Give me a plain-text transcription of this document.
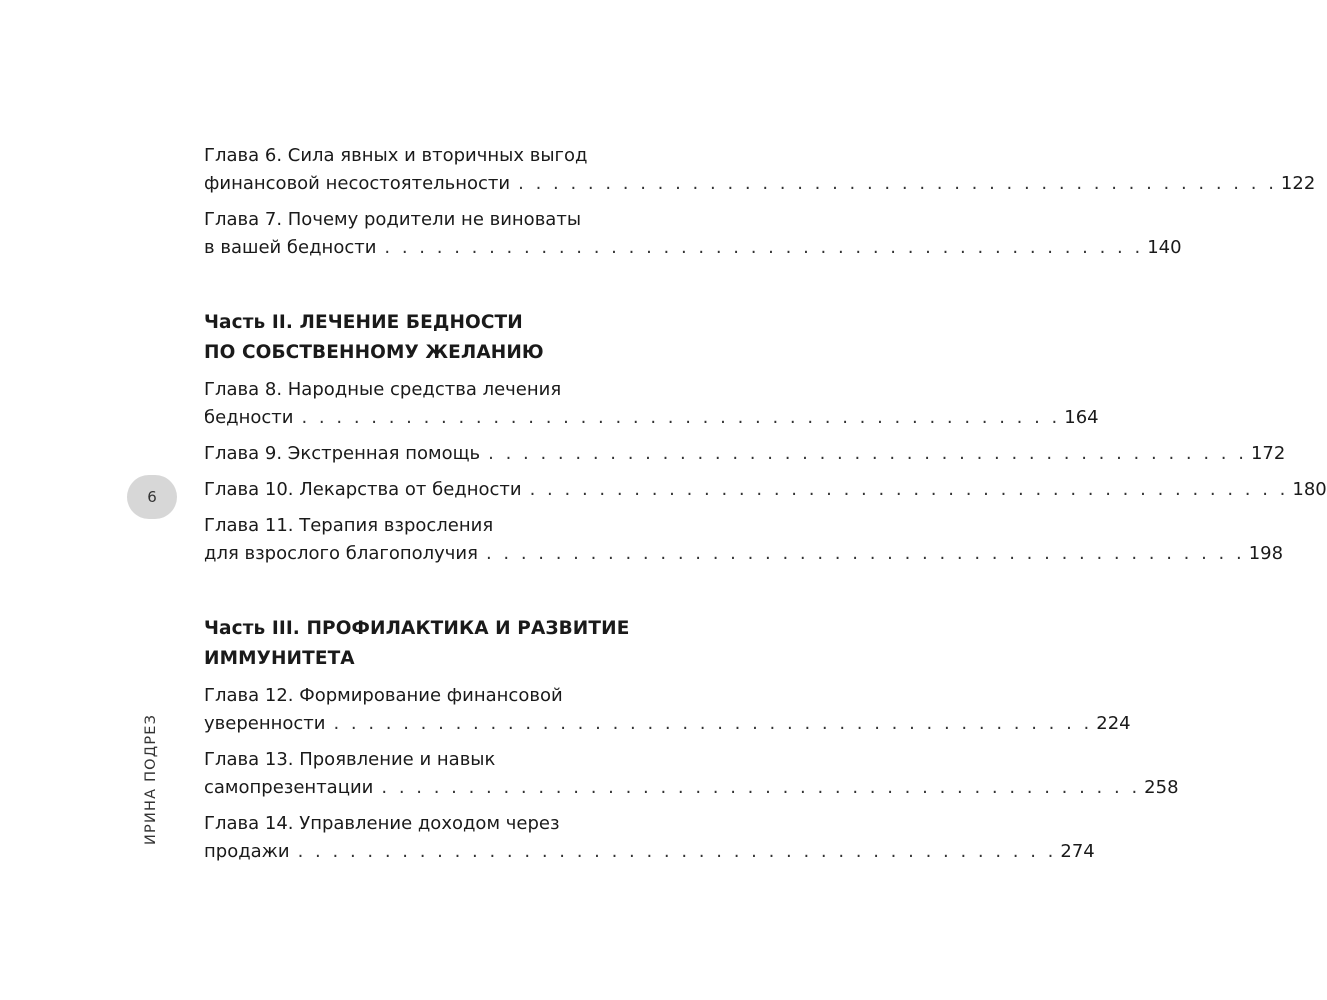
Глава 6. Сила явных и вторичных выгод
финансовой несостоятельности . . . . . . . . . . . . . . . . . . . . . . . . . . . . . . . . . . . . . . . . . . . . 122
Глава 7. Почему родители не виноваты
в вашей бедности . . . . . . . . . . . . . . . . . . . . . . . . . . . . . . . . . . . . . . . . . . . . 140
Часть II. ЛЕЧЕНИЕ БЕДНОСТИ
ПО СОБСТВЕННОМУ ЖЕЛАНИЮ
Глава 8. Народные средства лечения
бедности . . . . . . . . . . . . . . . . . . . . . . . . . . . . . . . . . . . . . . . . . . . . 164
Глава 9. Экстренная помощь . . . . . . . . . . . . . . . . . . . . . . . . . . . . . . . . . . . . . . . . . . . . 172
Глава 10. Лекарства от бедности . . . . . . . . . . . . . . . . . . . . . . . . . . . . . . . . . . . . . . . . . . . . 180
Глава 11. Терапия взросления
для взрослого благополучия . . . . . . . . . . . . . . . . . . . . . . . . . . . . . . . . . . . . . . . . . . . . 198
Часть III. ПРОФИЛАКТИКА И РАЗВИТИЕ
ИММУНИТЕТА
Глава 12. Формирование финансовой
уверенности . . . . . . . . . . . . . . . . . . . . . . . . . . . . . . . . . . . . . . . . . . . . 224
Глава 13. Проявление и навык
самопрезентации . . . . . . . . . . . . . . . . . . . . . . . . . . . . . . . . . . . . . . . . . . . . 258
Глава 14. Управление доходом через
продажи . . . . . . . . . . . . . . . . . . . . . . . . . . . . . . . . . . . . . . . . . . . . 274
6
ИРИНА ПОДРЕЗ
